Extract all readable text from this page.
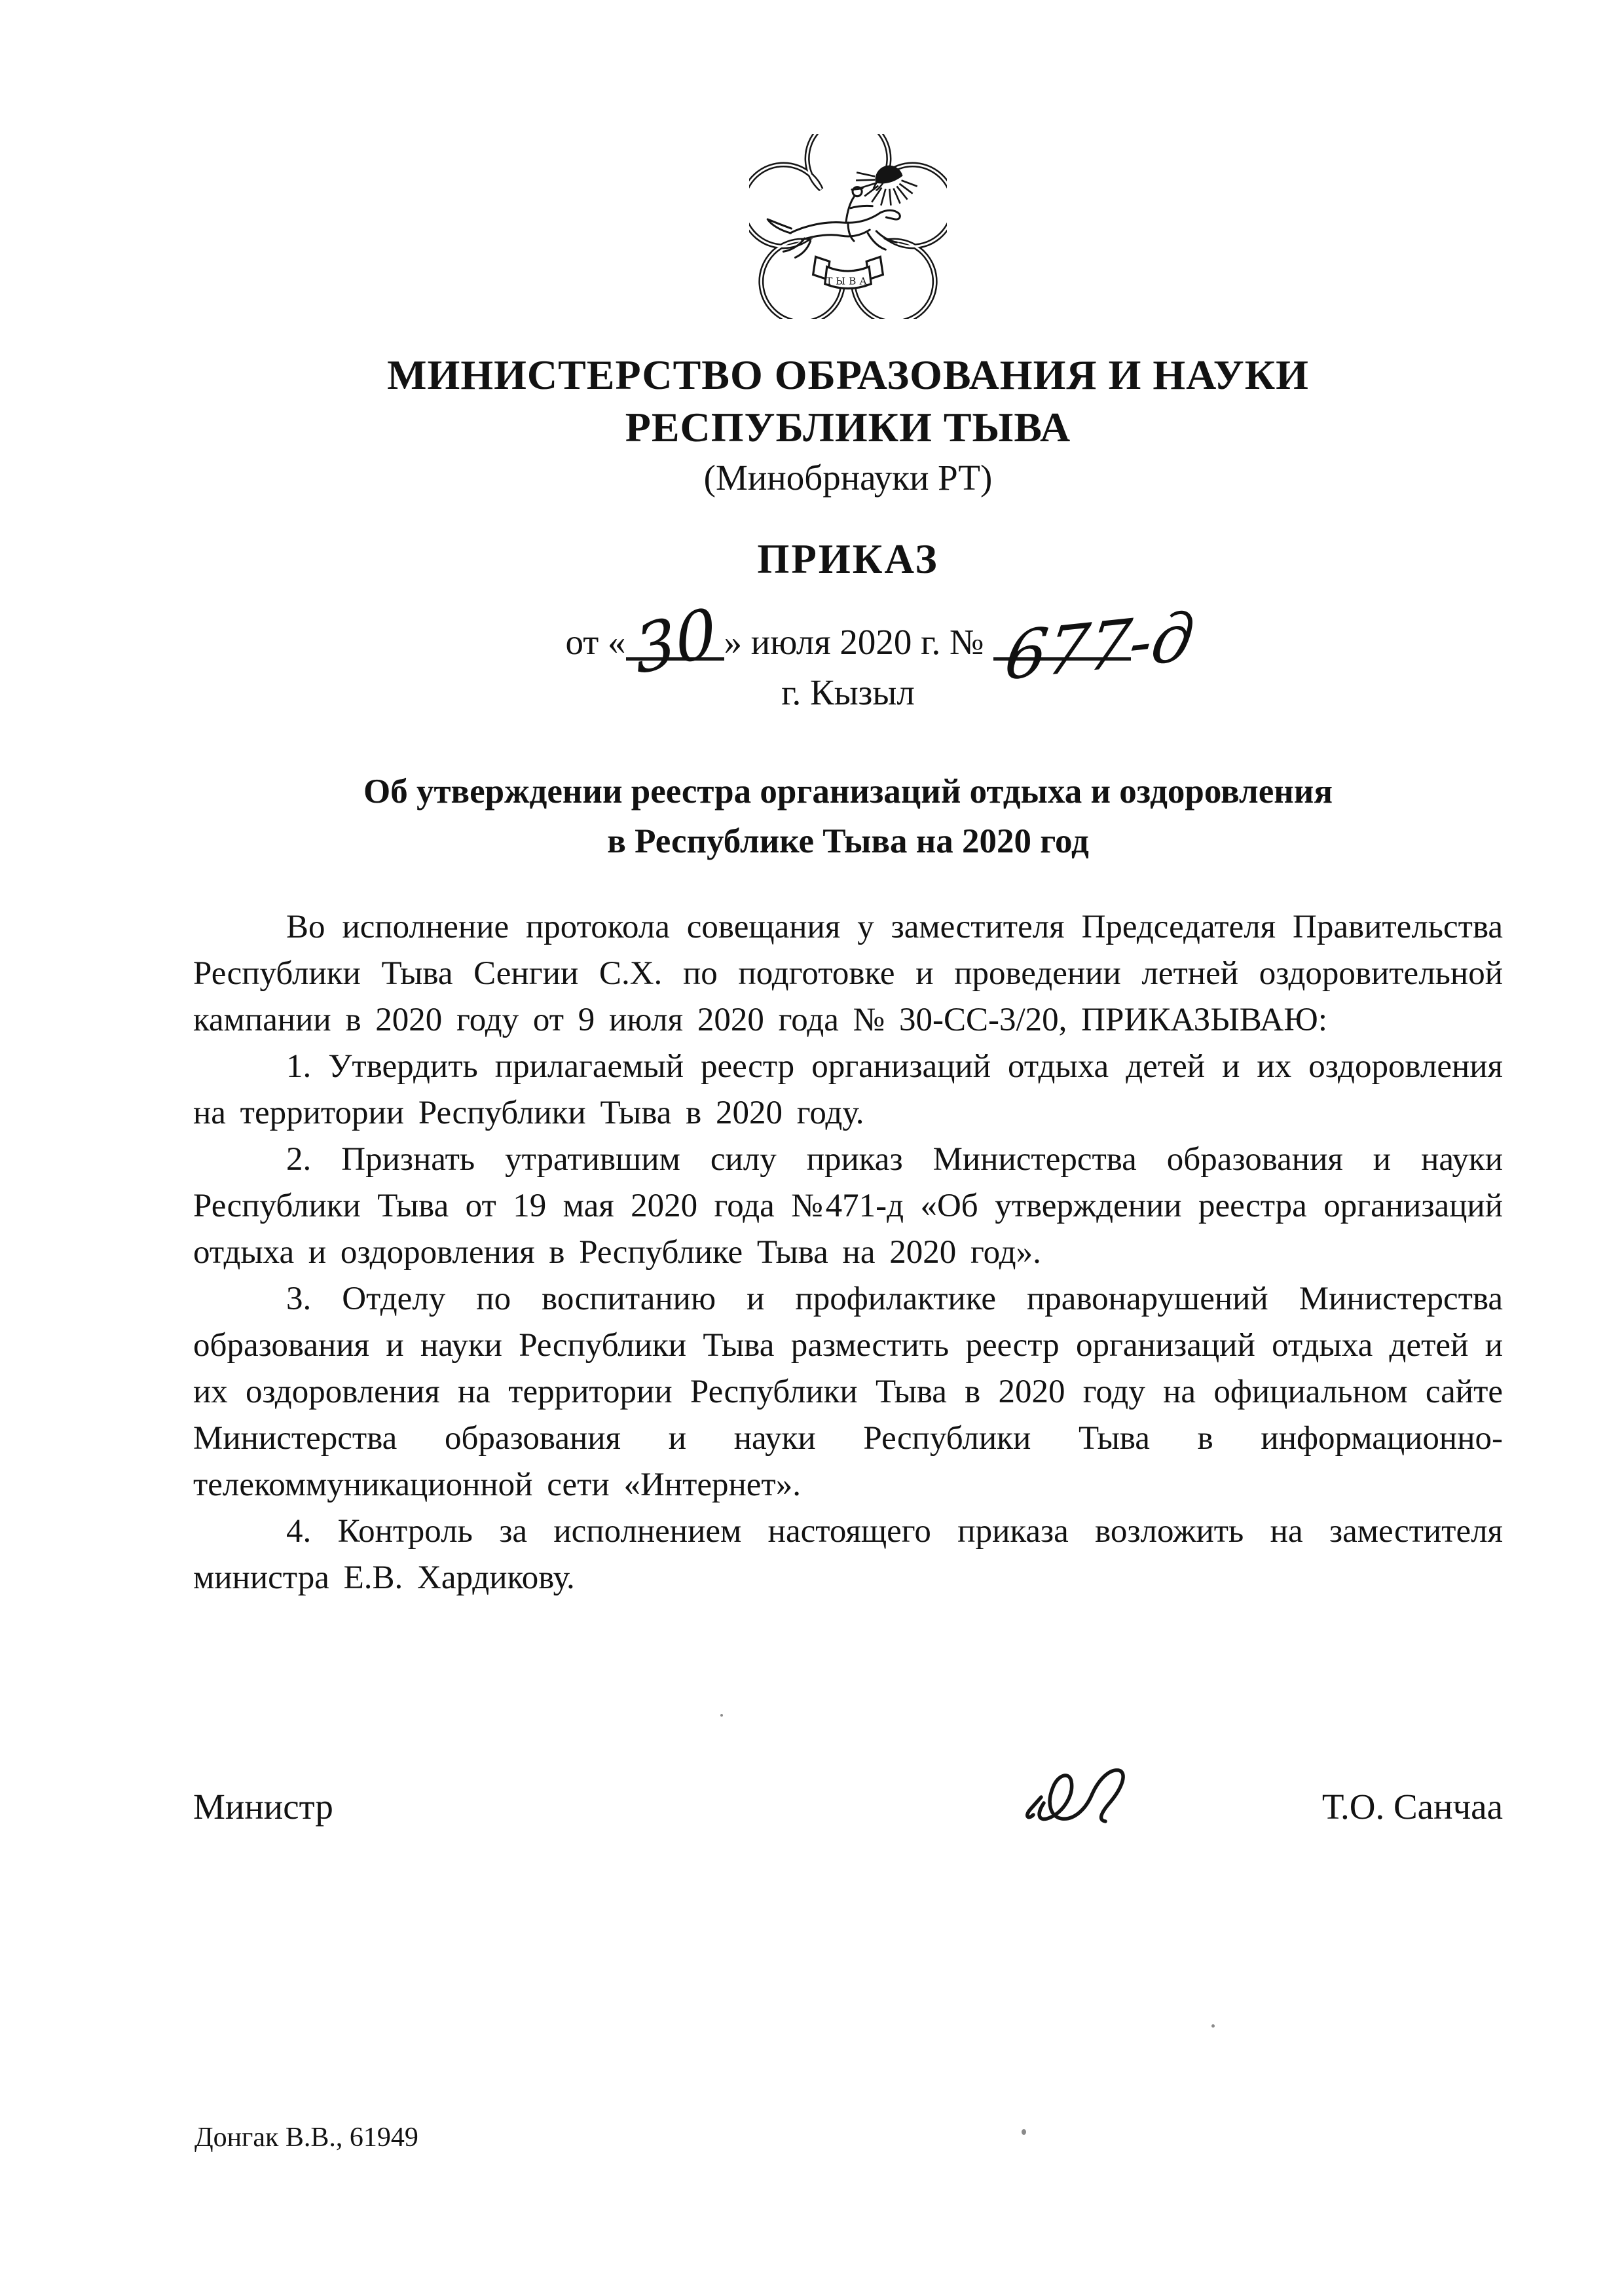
ТЫВА
МИНИСТЕРСТВО ОБРАЗОВАНИЯ И НАУКИ
РЕСПУБЛИКИ ТЫВА
(Минобрнауки РТ)
ПРИКАЗ
от « 30 » июля 2020 г. № 677-д
г. Кызыл
Об утверждении реестра организаций отдыха и оздоровления
в Республике Тыва на 2020 год

Во исполнение протокола совещания у заместителя Председателя Правительства Республики Тыва Сенгии С.Х. по подготовке и проведении летней оздоровительной кампании в 2020 году от 9 июля 2020 года № 30-СС-3/20, ПРИКАЗЫВАЮ:

1. Утвердить прилагаемый реестр организаций отдыха детей и их оздоровления на территории Республики Тыва в 2020 году.

2. Признать утратившим силу приказ Министерства образования и науки Республики Тыва от 19 мая 2020 года №471-д «Об утверждении реестра организаций отдыха и оздоровления в Республике Тыва на 2020 год».

3. Отделу по воспитанию и профилактике правонарушений Министерства образования и науки Республики Тыва разместить реестр организаций отдыха детей и их оздоровления на территории Республики Тыва в 2020 году на официальном сайте Министерства образования и науки Республики Тыва в информационно-телекоммуникационной сети «Интернет».

4. Контроль за исполнением настоящего приказа возложить на заместителя министра Е.В. Хардикову.

Министр	Т.О. Санчаа
Донгак В.В., 61949
